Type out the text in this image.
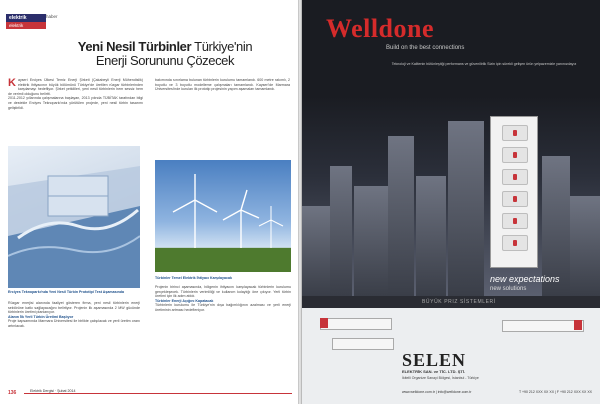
elektrik
elektrik
haber
Yeni Nesil Türbinler Türkiye'nin
Enerji Sorununu Çözecek
K ayseri Erciyes Ülkesi Temiz Enerji Şirketi (Çakabeyli Enerji Mühendislik) elektrik ihtiyacının büyük bölümünü Türkiye'de üretilen rüzgar türbinlerinden karşılamayı hedefliyor. Şirket yetkilileri, yeni nesil türbinlerin hem sessiz hem de verimli olduğunu belirtti.
2011-2012 yıllarında çalışmalarına başlayan, 2013 yılında TÜBİTAK tarafından bilgi ve destekle Erciyes Teknoparkı'nda yürütülen projede, yeni nesil türbin tasarımı geliştirildi.
bakımında sınırlama bulunan türbinlerin kurulumu tamamlandı. 600 metre rakımlı, 2 boyutlu ve 3 boyutlu modelleme çalışmaları tamamlandı. Kayseri'de Marmara Üniversitesi'nde kurulan ilk prototip projesinin yapım aşamaları tamamlandı.
Erciyes Teknoparkı'nda Yeni Nesil Türbin Prototipi Test Aşamasında
Rüzgar enerjisi alanında faaliyet gösteren firma, yeni nesil türbinlerin enerji sektörüne katkı sağlayacağını belirtiyor. Projenin ilk aşamasında 2 MW gücünde türbinlerin üretimi planlanıyor.
Alanın İlk Yerli Türbin Üretimi Başlıyor
Proje kapsamında Marmara Üniversitesi ile birlikte çalışılacak ve yerli üretim oranı artırılacak.
Türbinler Temel Elektrik İhtiyacı Karşılayacak
Projenin birinci aşamasında, bölgenin ihtiyacını karşılayacak türbinlerin kurulumu gerçekleşecek. Türbinlerin verimliliği ve kullanım kolaylığı öne çıkıyor. Yerli türbin üretimi için ilk adım atıldı.
Türbinler Enerji Açığını Kapatacak
Türbinlerin kurulumu ile Türkiye'nin dışa bağımlılığının azalması ve yerli enerji üretiminin artması hedefleniyor.
136	Elektrik Dergisi · Şubat 2014
Welldone
Build on the best connections
Teknoloji ve Kalitenin bütünleştiği performans ve güvenilirlik Sizin için sürekli gelişen ürün yelpazemizle yanınızdayız
new expectations
new solutions
BÜYÜK PRIZ SİSTEMLERİ
SELEN
ELEKTRİK SAN. ve TİC. LTD. ŞTİ.
İkitelli Organize Sanayi Bölgesi, İstanbul - Türkiye
www.welldone.com.tr | info@welldone.com.tr	T +90 212 XXX XX XX | F +90 212 XXX XX XX
